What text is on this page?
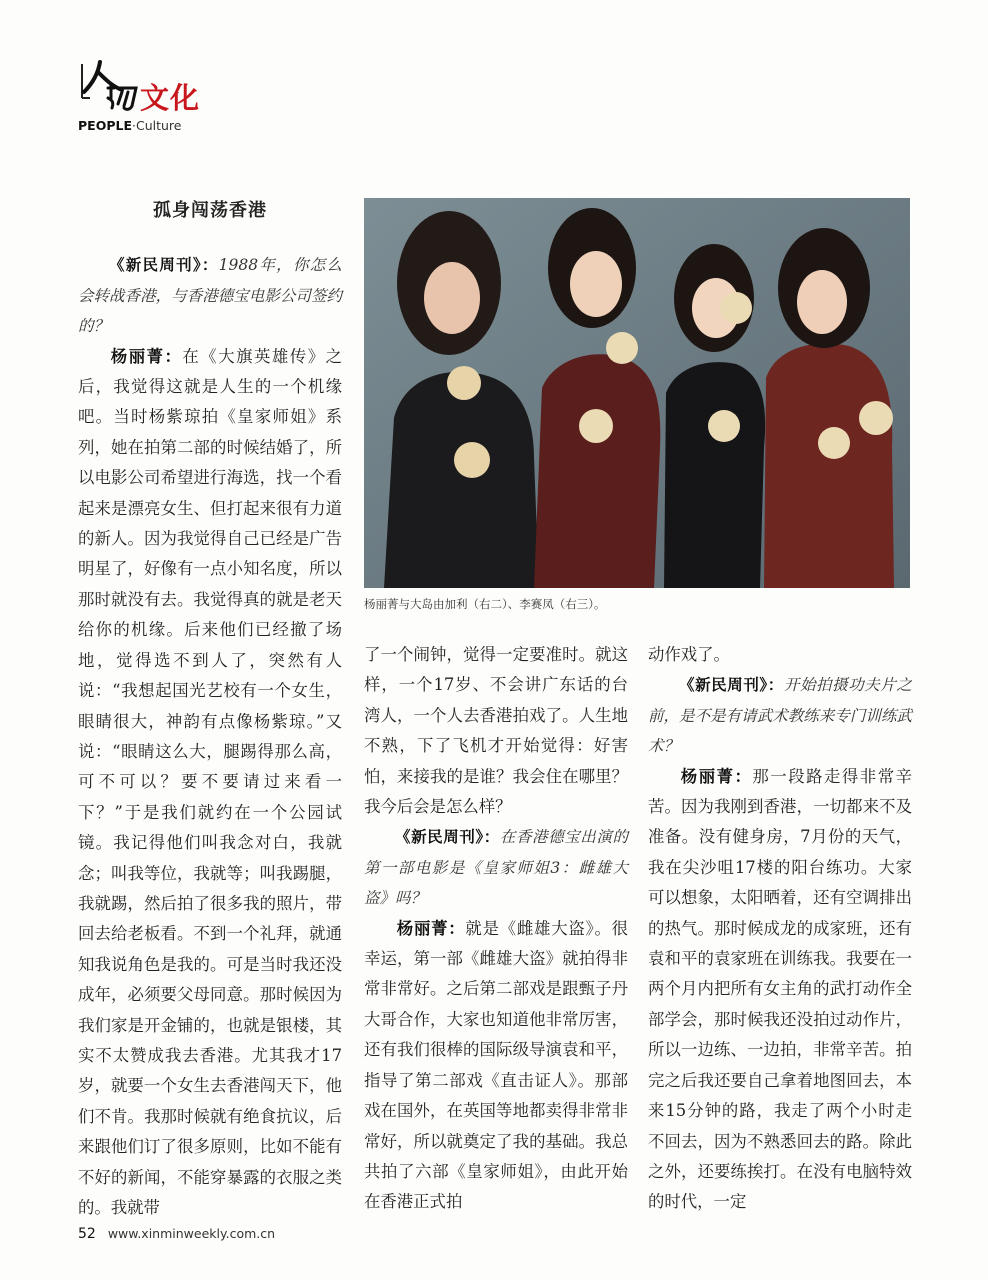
文化
PEOPLE·Culture
孤身闯荡香港

《新民周刊》：1988年，你怎么会转战香港，与香港德宝电影公司签约的？

杨丽菁：在《大旗英雄传》之后，我觉得这就是人生的一个机缘吧。当时杨紫琼拍《皇家师姐》系列，她在拍第二部的时候结婚了，所以电影公司希望进行海选，找一个看起来是漂亮女生、但打起来很有力道的新人。因为我觉得自己已经是广告明星了，好像有一点小知名度，所以那时就没有去。我觉得真的就是老天给你的机缘。后来他们已经撤了场地，觉得选不到人了，突然有人说：“我想起国光艺校有一个女生，眼睛很大，神韵有点像杨紫琼。”又说：“眼睛这么大，腿踢得那么高，可不可以？要不要请过来看一下？”于是我们就约在一个公园试镜。我记得他们叫我念对白，我就念；叫我等位，我就等；叫我踢腿，我就踢，然后拍了很多我的照片，带回去给老板看。不到一个礼拜，就通知我说角色是我的。可是当时我还没成年，必须要父母同意。那时候因为我们家是开金铺的，也就是银楼，其实不太赞成我去香港。尤其我才17岁，就要一个女生去香港闯天下，他们不肯。我那时候就有绝食抗议，后来跟他们订了很多原则，比如不能有不好的新闻，不能穿暴露的衣服之类的。我就带

杨丽菁与大岛由加利（右二）、李赛凤（右三）。

了一个闹钟，觉得一定要准时。就这样，一个17岁、不会讲广东话的台湾人，一个人去香港拍戏了。人生地不熟，下了飞机才开始觉得：好害怕，来接我的是谁？我会住在哪里？我今后会是怎么样？

《新民周刊》：在香港德宝出演的第一部电影是《皇家师姐3：雌雄大盗》吗？

杨丽菁：就是《雌雄大盗》。很幸运，第一部《雌雄大盗》就拍得非常非常好。之后第二部戏是跟甄子丹大哥合作，大家也知道他非常厉害，还有我们很棒的国际级导演袁和平，指导了第二部戏《直击证人》。那部戏在国外，在英国等地都卖得非常非常好，所以就奠定了我的基础。我总共拍了六部《皇家师姐》，由此开始在香港正式拍

动作戏了。

《新民周刊》：开始拍摄功夫片之前，是不是有请武术教练来专门训练武术？

杨丽菁：那一段路走得非常辛苦。因为我刚到香港，一切都来不及准备。没有健身房，7月份的天气，我在尖沙咀17楼的阳台练功。大家可以想象，太阳晒着，还有空调排出的热气。那时候成龙的成家班，还有袁和平的袁家班在训练我。我要在一两个月内把所有女主角的武打动作全部学会，那时候我还没拍过动作片，所以一边练、一边拍，非常辛苦。拍完之后我还要自己拿着地图回去，本来15分钟的路，我走了两个小时走不回去，因为不熟悉回去的路。除此之外，还要练挨打。在没有电脑特效的时代，一定

52 www.xinminweekly.com.cn
